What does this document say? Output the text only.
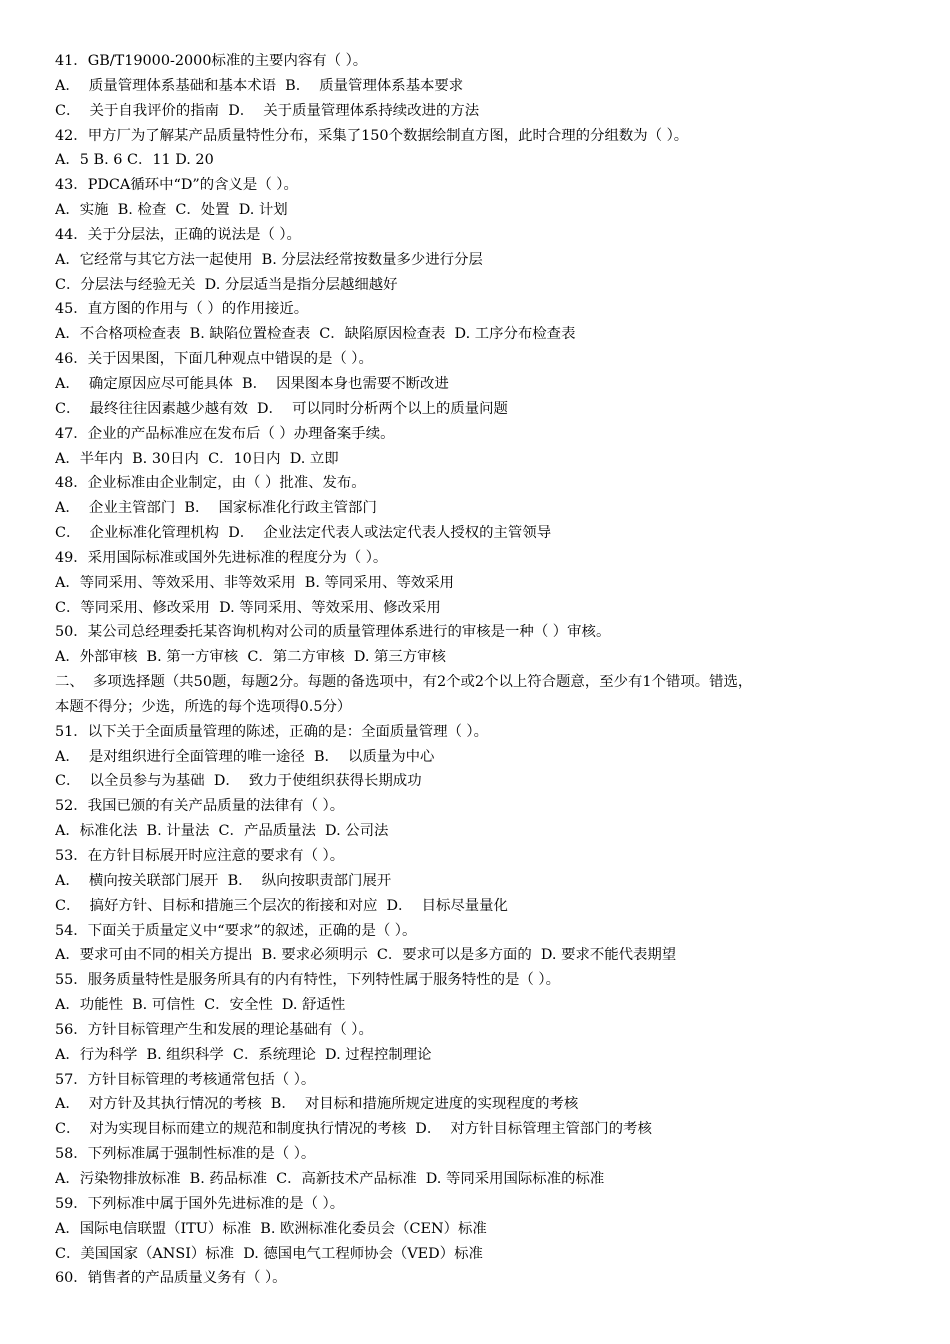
41．GB/T19000-2000标准的主要内容有（ ）。
A．  质量管理体系基础和基本术语  B．  质量管理体系基本要求
C．  关于自我评价的指南  D．  关于质量管理体系持续改进的方法
42．甲方厂为了解某产品质量特性分布，采集了150个数据绘制直方图，此时合理的分组数为（ ）。
A．5 B. 6 C．11 D. 20
43．PDCA循环中“D”的含义是（ ）。
A．实施  B. 检查  C．处置  D. 计划
44．关于分层法，正确的说法是（ ）。
A．它经常与其它方法一起使用  B. 分层法经常按数量多少进行分层
C．分层法与经验无关  D. 分层适当是指分层越细越好
45．直方图的作用与（ ）的作用接近。
A．不合格项检查表  B. 缺陷位置检查表  C．缺陷原因检查表  D. 工序分布检查表
46．关于因果图，下面几种观点中错误的是（ ）。
A．  确定原因应尽可能具体  B．  因果图本身也需要不断改进
C．  最终往往因素越少越有效  D．  可以同时分析两个以上的质量问题
47．企业的产品标准应在发布后（ ）办理备案手续。
A．半年内  B. 30日内  C．10日内  D. 立即
48．企业标准由企业制定，由（ ）批准、发布。
A．  企业主管部门  B．  国家标准化行政主管部门
C．  企业标准化管理机构  D．  企业法定代表人或法定代表人授权的主管领导
49．采用国际标准或国外先进标准的程度分为（ ）。
A．等同采用、等效采用、非等效采用  B. 等同采用、等效采用
C．等同采用、修改采用  D. 等同采用、等效采用、修改采用
50．某公司总经理委托某咨询机构对公司的质量管理体系进行的审核是一种（ ）审核。
A．外部审核  B. 第一方审核  C．第二方审核  D. 第三方审核
二、  多项选择题（共50题，每题2分。每题的备选项中，有2个或2个以上符合题意，至少有1个错项。错选，
本题不得分；少选，所选的每个选项得0.5分）
51．以下关于全面质量管理的陈述，正确的是：全面质量管理（ ）。
A．  是对组织进行全面管理的唯一途径  B．  以质量为中心
C．  以全员参与为基础  D．  致力于使组织获得长期成功
52．我国已颁的有关产品质量的法律有（ ）。
A．标准化法  B. 计量法  C．产品质量法  D. 公司法
53．在方针目标展开时应注意的要求有（ ）。
A．  横向按关联部门展开  B．  纵向按职责部门展开
C．  搞好方针、目标和措施三个层次的衔接和对应  D．  目标尽量量化
54．下面关于质量定义中“要求”的叙述，正确的是（ ）。
A．要求可由不同的相关方提出  B. 要求必须明示  C．要求可以是多方面的  D. 要求不能代表期望
55．服务质量特性是服务所具有的内有特性，下列特性属于服务特性的是（ ）。
A．功能性  B. 可信性  C．安全性  D. 舒适性
56．方针目标管理产生和发展的理论基础有（ ）。
A．行为科学  B. 组织科学  C．系统理论  D. 过程控制理论
57．方针目标管理的考核通常包括（ ）。
A．  对方针及其执行情况的考核  B．  对目标和措施所规定进度的实现程度的考核
C．  对为实现目标而建立的规范和制度执行情况的考核  D．  对方针目标管理主管部门的考核
58．下列标准属于强制性标准的是（ ）。
A．污染物排放标准  B. 药品标准  C．高新技术产品标准  D. 等同采用国际标准的标准
59．下列标准中属于国外先进标准的是（ ）。
A．国际电信联盟（ITU）标准  B. 欧洲标准化委员会（CEN）标准
C．美国国家（ANSI）标准  D. 德国电气工程师协会（VED）标准
60．销售者的产品质量义务有（ ）。
